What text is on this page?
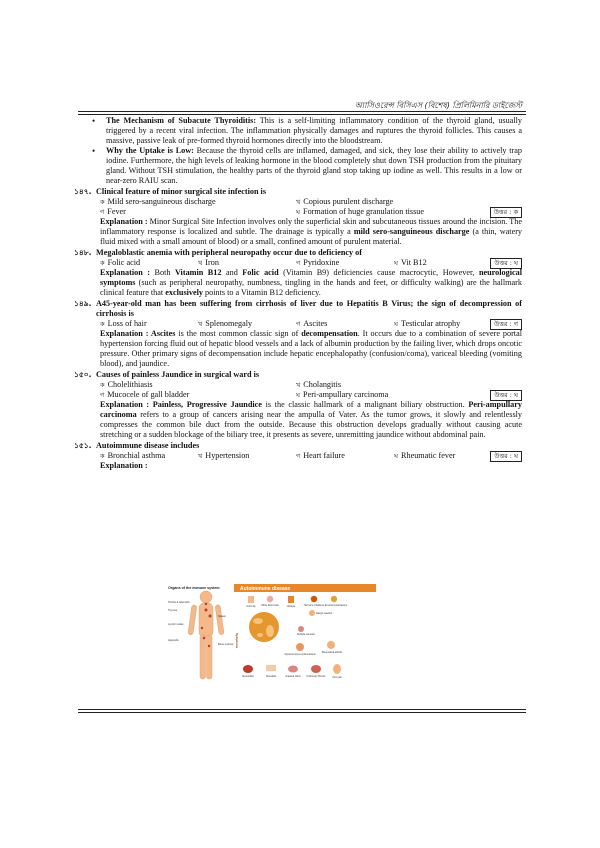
অ্যাসিওরেন্স বিসিএস (বিশেষ) প্রিলিমিনারি ডাইজেস্ট
• The Mechanism of Subacute Thyroiditis: This is a self-limiting inflammatory condition of the thyroid gland, usually triggered by a recent viral infection. The inflammation physically damages and ruptures the thyroid follicles. This causes a massive, passive leak of pre-formed thyroid hormones directly into the bloodstream.
• Why the Uptake is Low: Because the thyroid cells are inflamed, damaged, and sick, they lose their ability to actively trap iodine. Furthermore, the high levels of leaking hormone in the blood completely shut down TSH production from the pituitary gland. Without TSH stimulation, the healthy parts of the thyroid gland stop taking up iodine as well. This results in a low or near-zero RAIU scan.
১৪৭. Clinical feature of minor surgical site infection is
ক Mild sero-sanguineous discharge	খ Copious purulent discharge
গ Fever	ঘ Formation of huge granulation tissue	উত্তর : ক
Explanation : Minor Surgical Site Infection involves only the superficial skin and subcutaneous tissues around the incision. The inflammatory response is localized and subtle. The drainage is typically a mild sero-sanguineous discharge (a thin, watery fluid mixed with a small amount of blood) or a small, confined amount of purulent material.
১৪৮. Megaloblastic anemia with peripheral neuropathy occur due to deficiency of
ক Folic acid	খ Iron	গ Pyridoxine	ঘ Vit B12	উত্তর : ঘ
Explanation : Both Vitamin B12 and Folic acid (Vitamin B9) deficiencies cause macrocytic, However, neurological symptoms (such as peripheral neuropathy, numbness, tingling in the hands and feet, or difficulty walking) are the hallmark clinical feature that exclusively points to a Vitamin B12 deficiency.
১৪৯. A45-year-old man has been suffering from cirrhosis of liver due to Hepatitis B Virus; the sign of decompression of cirrhosis is
ক Loss of hair	খ Splenomegaly	গ Ascites	ঘ Testicular atrophy	উত্তর : গ
Explanation : Ascites is the most common classic sign of decompensation. It occurs due to a combination of severe portal hypertension forcing fluid out of hepatic blood vessels and a lack of albumin production by the failing liver, which drops oncotic pressure. Other primary signs of decompensation include hepatic encephalopathy (confusion/coma), variceal bleeding (vomiting blood), and jaundice.
১৫০. Causes of painless Jaundice in surgical ward is
ক Cholelithiasis	খ Cholangitis
গ Mucocele of gall bladder	ঘ Peri-ampullary carcinoma	উত্তর : ঘ
Explanation : Painless, Progressive Jaundice is the classic hallmark of a malignant biliary obstruction. Peri-ampullary carcinoma refers to a group of cancers arising near the ampulla of Vater. As the tumor grows, it slowly and relentlessly compresses the common bile duct from the outside. Because this obstruction develops gradually without causing acute stretching or a sudden blockage of the biliary tree, it presents as severe, unremitting jaundice without abdominal pain.
১৫১. Autoimmune disease includes
ক Bronchial asthma	খ Hypertension	গ Heart failure	ঘ Rheumatic fever	উত্তর : ঘ
Explanation :
Organs of the immune system
Tonsils & adenoids
Thymus
Lymph nodes
Spleen
Appendix
Bone marrow
Autoimmune disease
Symptoms
Immunity	White blood cells	Lifestyle	Hormone imbalance Environmental factors
Allergic reaction
Multiple sclerosis
Systemic lupus erythematosus
Rheumatoid arthritis
Myocarditis	Stomatitis	Impaired vision	Pulmonary fibrosis	Joint pain
